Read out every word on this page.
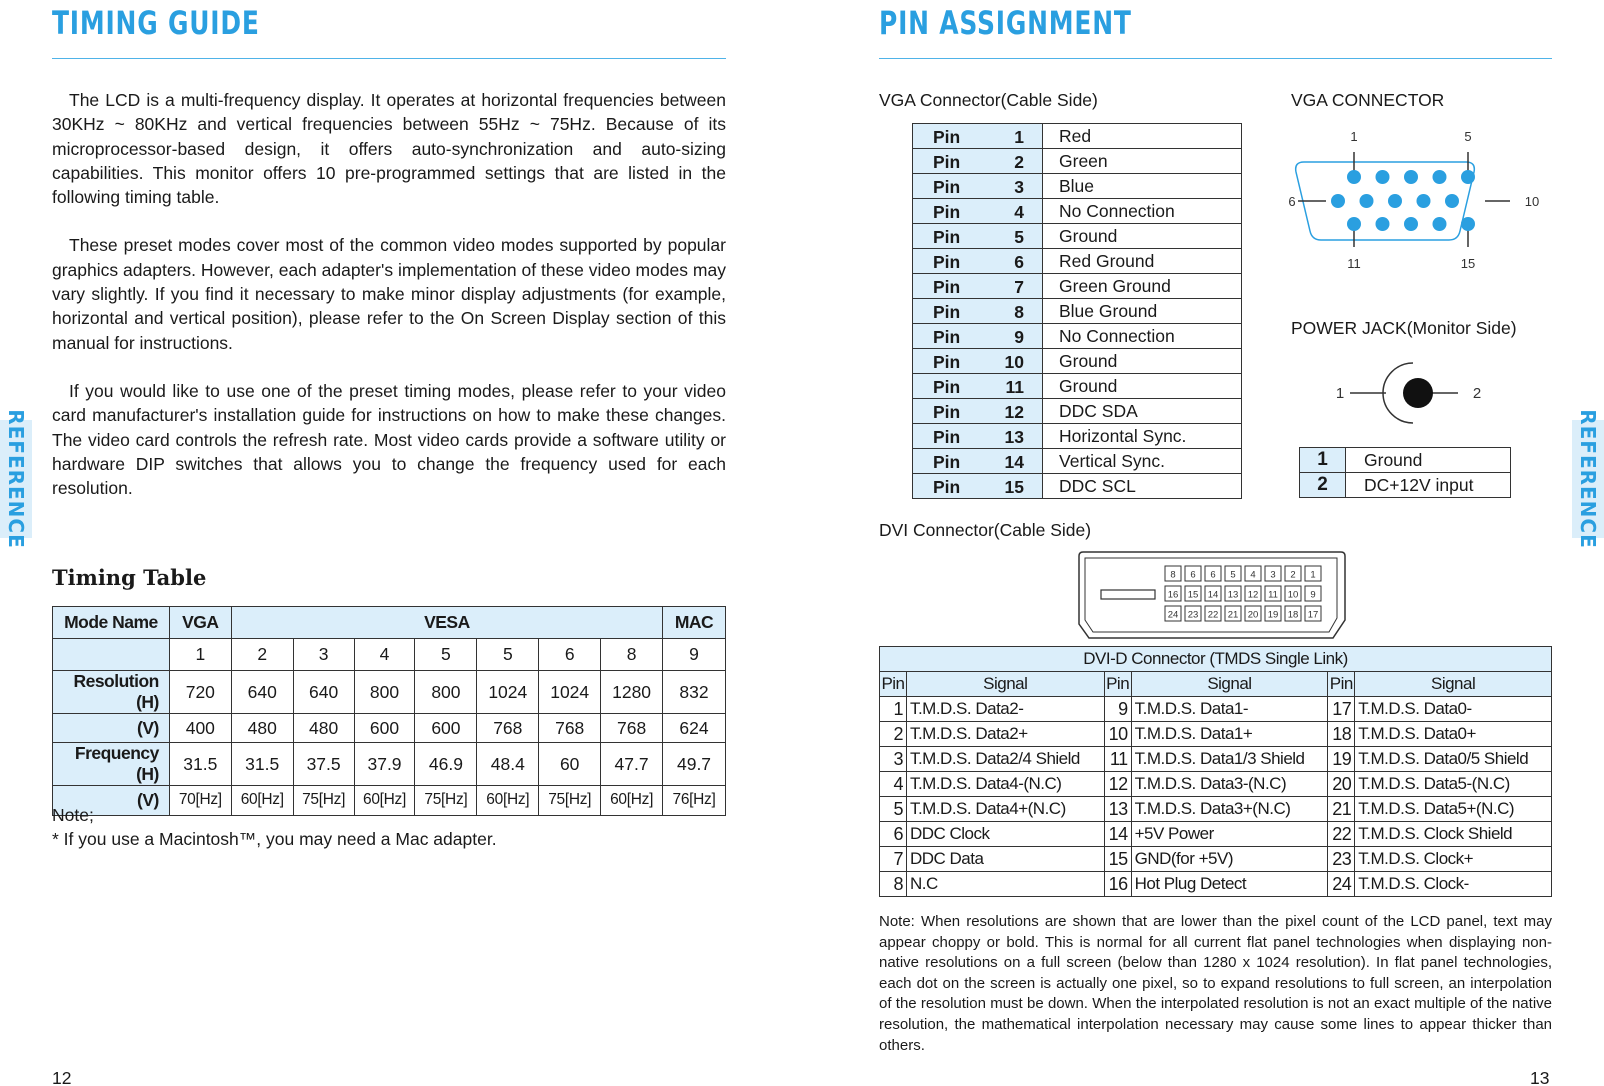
TIMING GUIDE
REFERENCE

The LCD is a multi-frequency display. It operates at horizontal frequencies between 30KHz ~ 80KHz and vertical frequencies between 55Hz ~ 75Hz. Because of its microprocessor-based design, it offers auto-synchronization and auto-sizing capabilities. This monitor offers 10 pre-programmed settings that are listed in the following timing table.

These preset modes cover most of the common video modes supported by popular graphics adapters. However, each adapter's implementation of these video modes may vary slightly. If you find it necessary to make minor display adjustments (for example, horizontal and vertical position), please refer to the On Screen Display section of this manual for instructions.

If you would like to use one of the preset timing modes, please refer to your video card manufacturer's installation guide for instructions on how to make these changes. The video card controls the refresh rate. Most video cards provide a software utility or hardware DIP switches that allows you to change the frequency used for each resolution.

Timing Table
Mode Name	VGA	VESA							MAC
	1	2	3	4	5	5	6	8	9
Resolution (H)	720	640	640	800	800	1024	1024	1280	832
(V)	400	480	480	600	600	768	768	768	624
Frequency (H)	31.5	31.5	37.5	37.9	46.9	48.4	60	47.7	49.7
(V)	70[Hz]	60[Hz]	75[Hz]	60[Hz]	75[Hz]	60[Hz]	75[Hz]	60[Hz]	76[Hz]
Note;
* If you use a Macintosh™, you may need a Mac adapter.
12
PIN ASSIGNMENT
REFERENCE
VGA Connector(Cable Side)	VGA CONNECTOR
Pin 1	Red

Pin 2	Green

Pin 3	Blue

Pin 4	No Connection

Pin 5	Ground

Pin 6	Red Ground

Pin 7	Green Ground

Pin 8	Blue Ground

Pin 9	No Connection

Pin 10	Ground

Pin 11	Ground

Pin 12	DDC SDA

Pin 13	Horizontal Sync.

Pin 14	Vertical Sync.

Pin 15	DDC SCL
1	5
6	10
11	15
POWER JACK(Monitor Side)
1	2
1	Ground
2	DC+12V input
DVI Connector(Cable Side)
8 6 6 5 4 3 2 1
16 15 14 13 12 11 10 9
24 23 22 21 20 19 18 17
DVI-D Connector (TMDS Single Link)					
Pin	Signal	Pin	Signal	Pin	Signal
1	T.M.D.S. Data2-	9	T.M.D.S. Data1-	17	T.M.D.S. Data0-
2	T.M.D.S. Data2+	10	T.M.D.S. Data1+	18	T.M.D.S. Data0+
3	T.M.D.S. Data2/4 Shield	11	T.M.D.S. Data1/3 Shield	19	T.M.D.S. Data0/5 Shield
4	T.M.D.S. Data4-(N.C)	12	T.M.D.S. Data3-(N.C)	20	T.M.D.S. Data5-(N.C)
5	T.M.D.S. Data4+(N.C)	13	T.M.D.S. Data3+(N.C)	21	T.M.D.S. Data5+(N.C)
6	DDC Clock	14	+5V Power	22	T.M.D.S. Clock Shield
7	DDC Data	15	GND(for +5V)	23	T.M.D.S. Clock+
8	N.C	16	Hot Plug Detect	24	T.M.D.S. Clock-
Note: When resolutions are shown that are lower than the pixel count of the LCD panel, text may appear choppy or bold. This is normal for all current flat panel technologies when displaying non-native resolutions on a full screen (below than 1280 x 1024 resolution). In flat panel technologies, each dot on the screen is actually one pixel, so to expand resolutions to full screen, an interpolation of the resolution must be down. When the interpolated resolution is not an exact multiple of the native resolution, the mathematical interpolation necessary may cause some lines to appear thicker than others.
13
